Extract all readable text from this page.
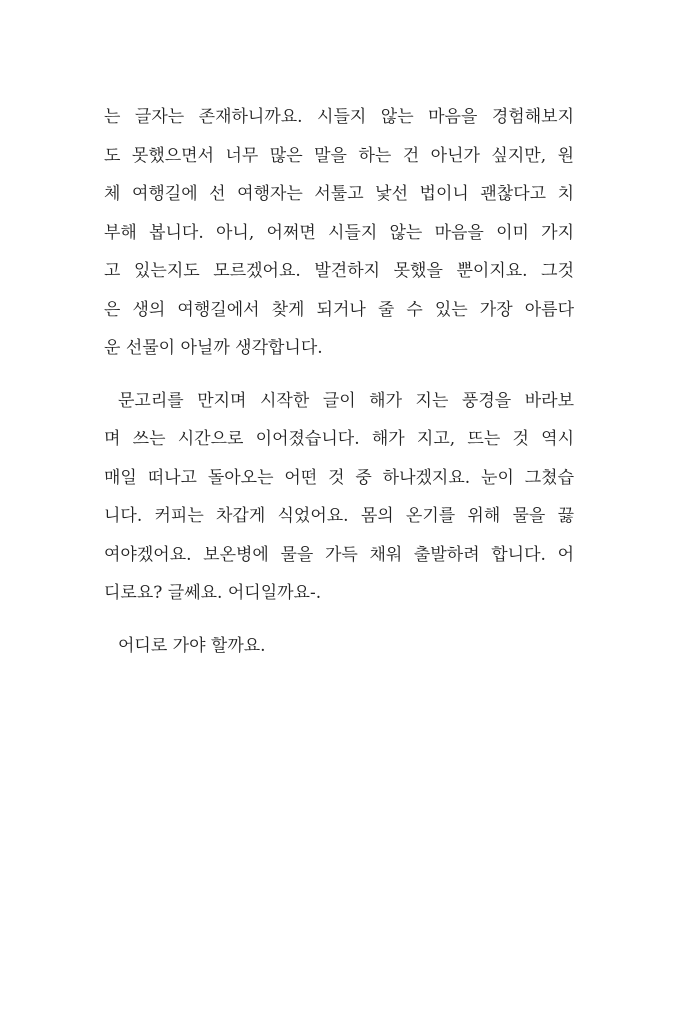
는 글자는 존재하니까요. 시들지 않는 마음을 경험해보지
도 못했으면서 너무 많은 말을 하는 건 아닌가 싶지만, 원
체 여행길에 선 여행자는 서툴고 낯선 법이니 괜찮다고 치
부해 봅니다. 아니, 어쩌면 시들지 않는 마음을 이미 가지
고 있는지도 모르겠어요. 발견하지 못했을 뿐이지요. 그것
은 생의 여행길에서 찾게 되거나 줄 수 있는 가장 아름다
운 선물이 아닐까 생각합니다.
문고리를 만지며 시작한 글이 해가 지는 풍경을 바라보
며 쓰는 시간으로 이어졌습니다. 해가 지고, 뜨는 것 역시
매일 떠나고 돌아오는 어떤 것 중 하나겠지요. 눈이 그쳤습
니다. 커피는 차갑게 식었어요. 몸의 온기를 위해 물을 끓
여야겠어요. 보온병에 물을 가득 채워 출발하려 합니다. 어
디로요? 글쎄요. 어디일까요-.
어디로 가야 할까요.
